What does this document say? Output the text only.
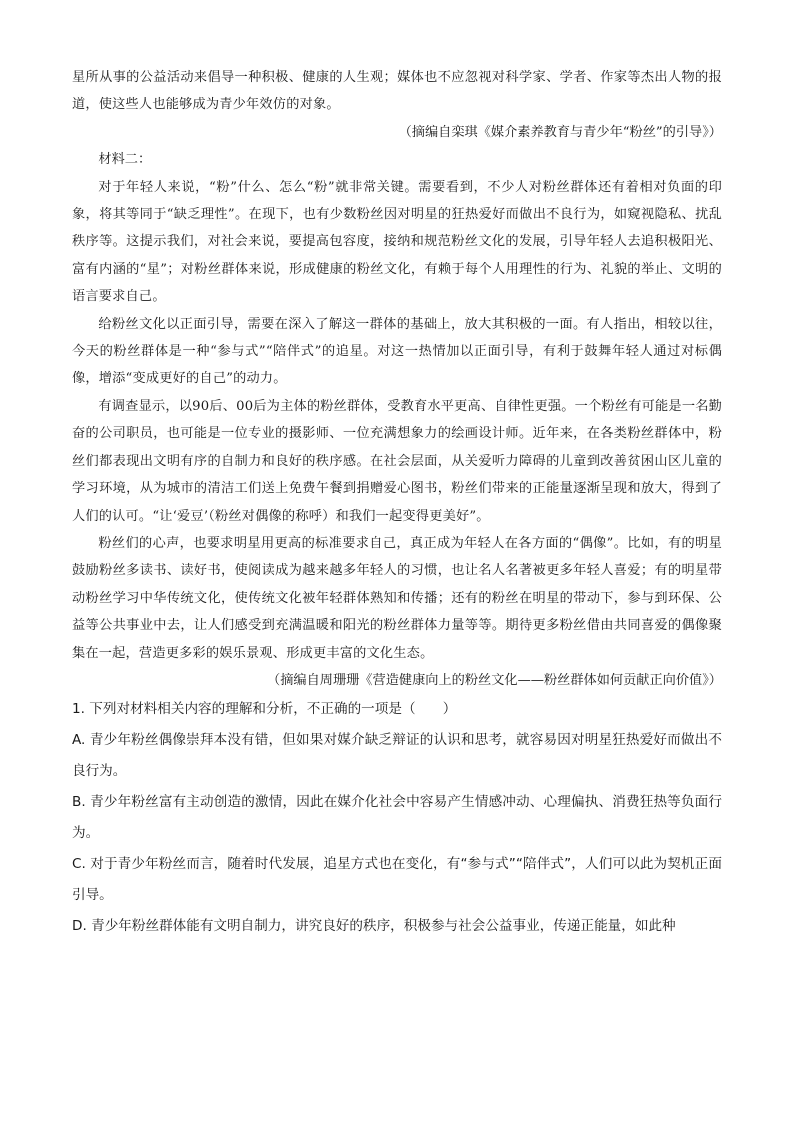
星所从事的公益活动来倡导一种积极、健康的人生观；媒体也不应忽视对科学家、学者、作家等杰出人物的报道，使这些人也能够成为青少年效仿的对象。

（摘编自栾琪《媒介素养教育与青少年“粉丝”的引导》）

材料二：

对于年轻人来说，“粉”什么、怎么“粉”就非常关键。需要看到，不少人对粉丝群体还有着相对负面的印象，将其等同于“缺乏理性”。在现下，也有少数粉丝因对明星的狂热爱好而做出不良行为，如窥视隐私、扰乱秩序等。这提示我们，对社会来说，要提高包容度，接纳和规范粉丝文化的发展，引导年轻人去追积极阳光、富有内涵的“星”；对粉丝群体来说，形成健康的粉丝文化，有赖于每个人用理性的行为、礼貌的举止、文明的语言要求自己。

给粉丝文化以正面引导，需要在深入了解这一群体的基础上，放大其积极的一面。有人指出，相较以往，今天的粉丝群体是一种“参与式”“陪伴式”的追星。对这一热情加以正面引导，有利于鼓舞年轻人通过对标偶像，增添“变成更好的自己”的动力。

有调查显示，以90后、00后为主体的粉丝群体，受教育水平更高、自律性更强。一个粉丝有可能是一名勤奋的公司职员，也可能是一位专业的摄影师、一位充满想象力的绘画设计师。近年来，在各类粉丝群体中，粉丝们都表现出文明有序的自制力和良好的秩序感。在社会层面，从关爱听力障碍的儿童到改善贫困山区儿童的学习环境，从为城市的清洁工们送上免费午餐到捐赠爱心图书，粉丝们带来的正能量逐渐呈现和放大，得到了人们的认可。“让‘爱豆’（粉丝对偶像的称呼）和我们一起变得更美好”。

粉丝们的心声，也要求明星用更高的标准要求自己，真正成为年轻人在各方面的“偶像”。比如，有的明星鼓励粉丝多读书、读好书，使阅读成为越来越多年轻人的习惯，也让名人名著被更多年轻人喜爱；有的明星带动粉丝学习中华传统文化，使传统文化被年轻群体熟知和传播；还有的粉丝在明星的带动下，参与到环保、公益等公共事业中去，让人们感受到充满温暖和阳光的粉丝群体力量等等。期待更多粉丝借由共同喜爱的偶像聚集在一起，营造更多彩的娱乐景观、形成更丰富的文化生态。

（摘编自周珊珊《营造健康向上的粉丝文化——粉丝群体如何贡献正向价值》）

1. 下列对材料相关内容的理解和分析，不正确的一项是（　　）

A. 青少年粉丝偶像崇拜本没有错，但如果对媒介缺乏辩证的认识和思考，就容易因对明星狂热爱好而做出不良行为。

B. 青少年粉丝富有主动创造的激情，因此在媒介化社会中容易产生情感冲动、心理偏执、消费狂热等负面行为。

C. 对于青少年粉丝而言，随着时代发展，追星方式也在变化，有“参与式”“陪伴式”，人们可以此为契机正面引导。

D. 青少年粉丝群体能有文明自制力，讲究良好的秩序，积极参与社会公益事业，传递正能量，如此种
